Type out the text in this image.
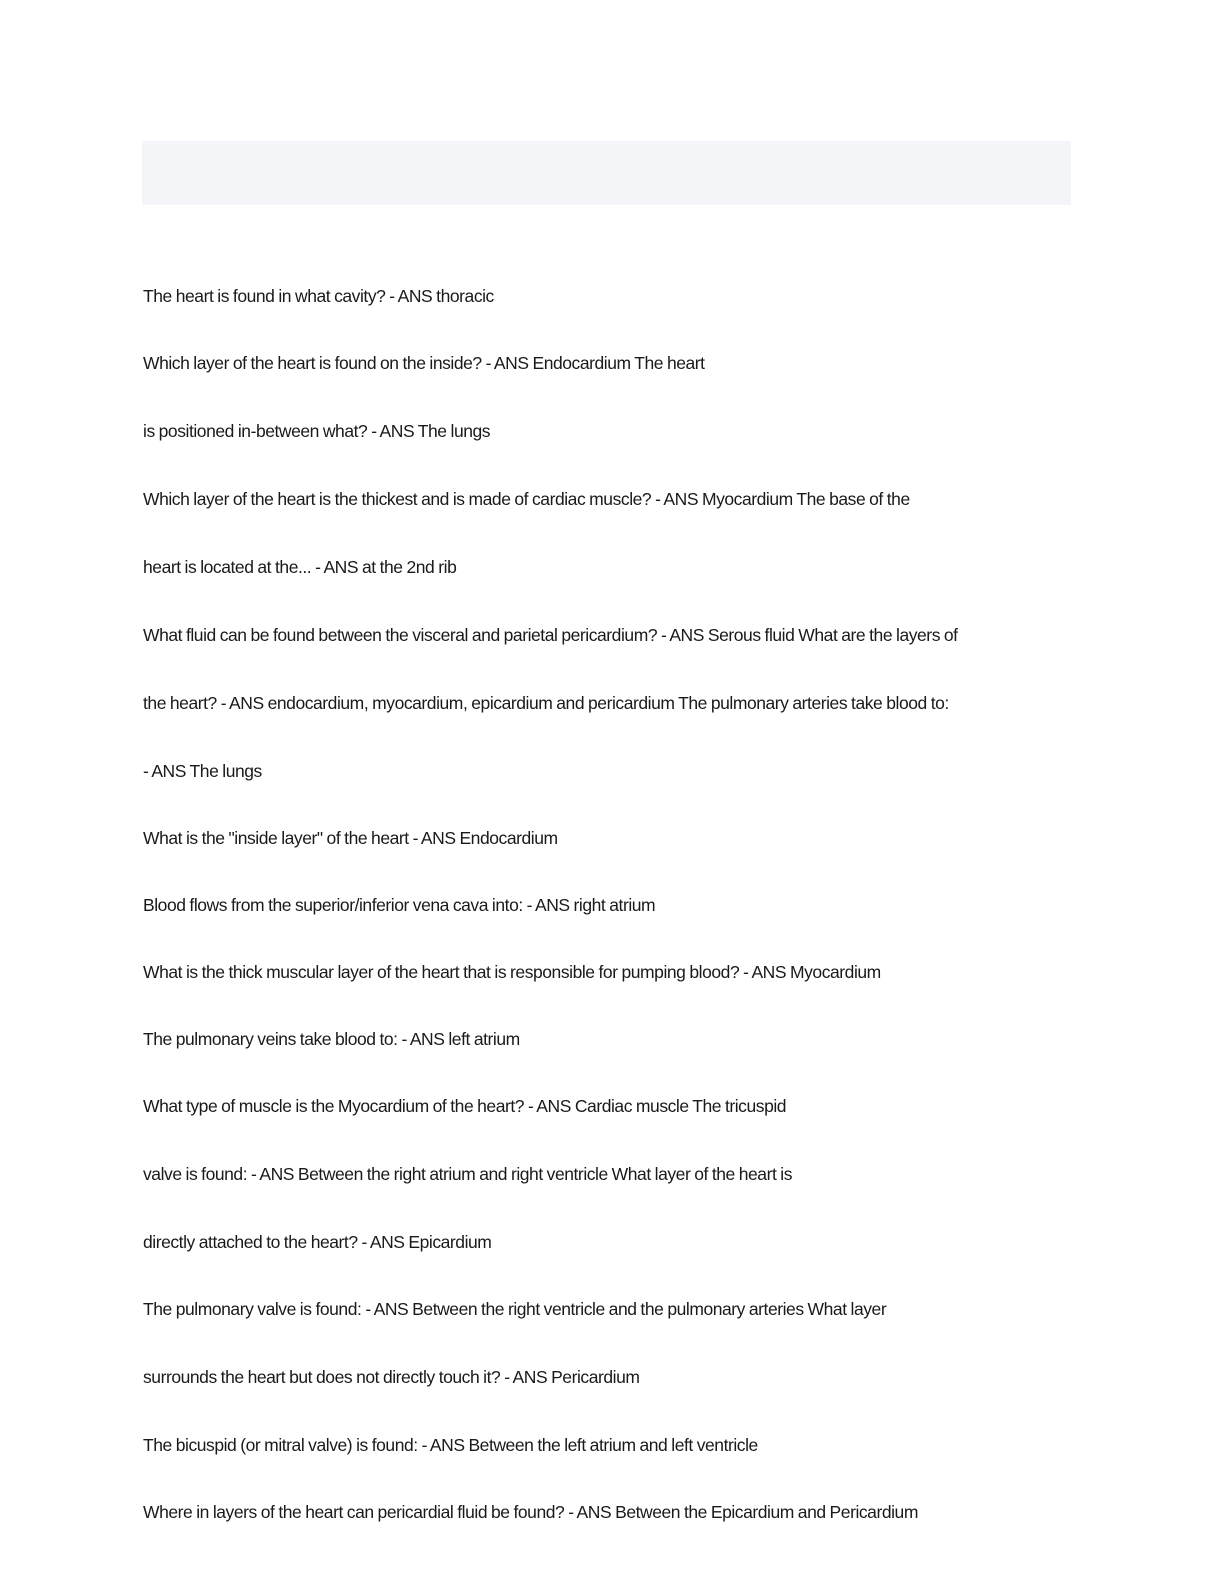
The heart is found in what cavity? - ANS thoracic
Which layer of the heart is found on the inside? - ANS Endocardium The heart
is positioned in-between what? - ANS The lungs
Which layer of the heart is the thickest and is made of cardiac muscle? - ANS Myocardium The base of the
heart is located at the... - ANS at the 2nd rib
What fluid can be found between the visceral and parietal pericardium? - ANS Serous fluid What are the layers of
the heart? - ANS endocardium, myocardium, epicardium and pericardium The pulmonary arteries take blood to:
- ANS The lungs
What is the "inside layer" of the heart - ANS Endocardium
Blood flows from the superior/inferior vena cava into: - ANS right atrium
What is the thick muscular layer of the heart that is responsible for pumping blood? - ANS Myocardium
The pulmonary veins take blood to: - ANS left atrium
What type of muscle is the Myocardium of the heart? - ANS Cardiac muscle The tricuspid
valve is found: - ANS Between the right atrium and right ventricle What layer of the heart is
directly attached to the heart? - ANS Epicardium
The pulmonary valve is found: - ANS Between the right ventricle and the pulmonary arteries What layer
surrounds the heart but does not directly touch it? - ANS Pericardium
The bicuspid (or mitral valve) is found: - ANS Between the left atrium and left ventricle
Where in layers of the heart can pericardial fluid be found? - ANS Between the Epicardium and Pericardium
